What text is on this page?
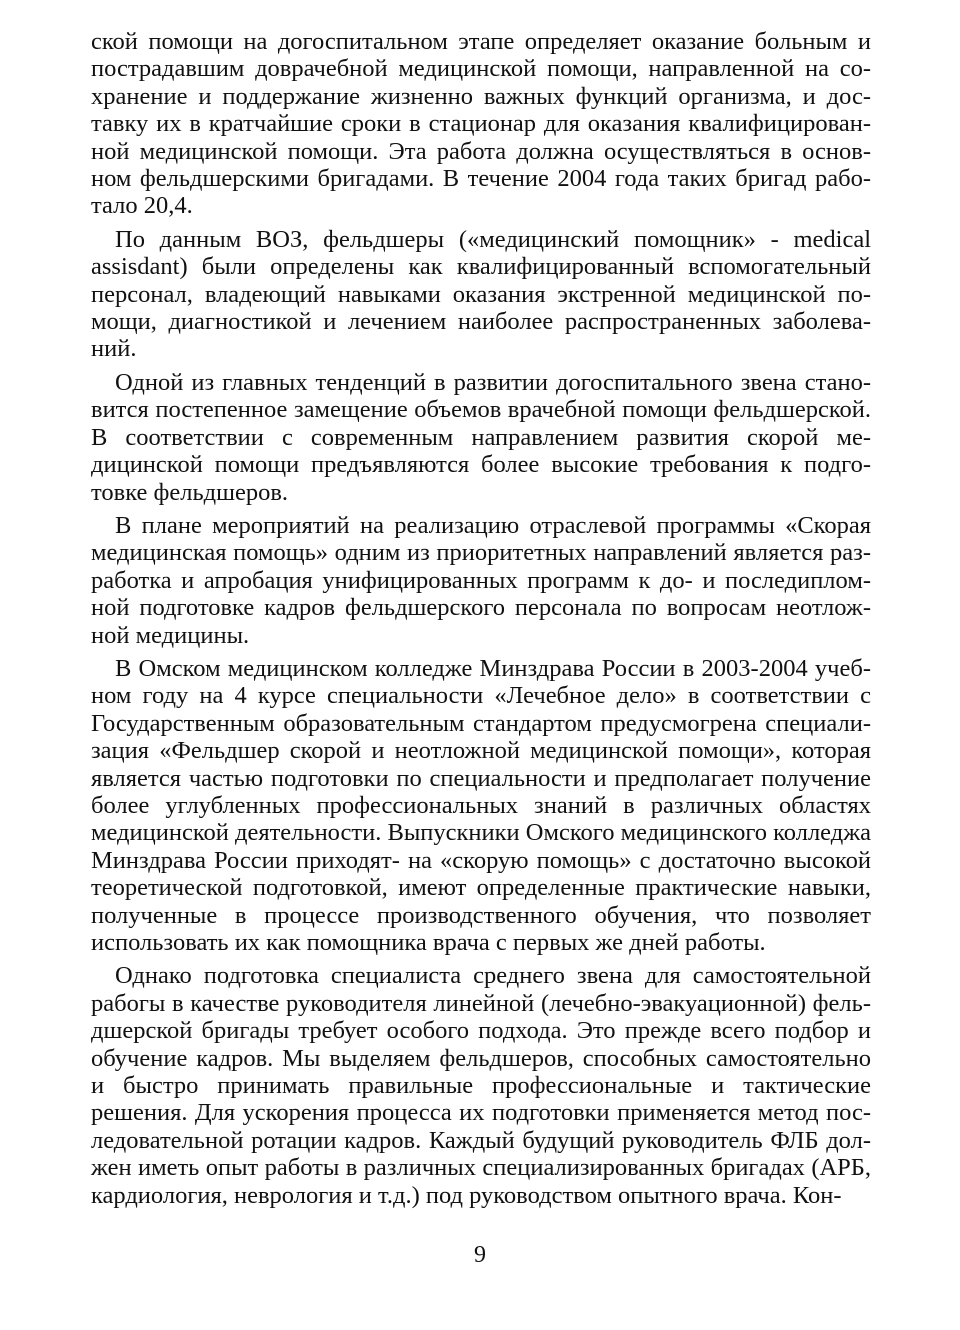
ской помощи на догоспитальном этапе определяет оказание больным и пострадавшим доврачебной медицинской помощи, направленной на сохранение и поддержание жизненно важных функций организма, и доставку их в кратчайшие сроки в стационар для оказания квалифицированной медицинской помощи. Эта работа должна осуществляться в основном фельдшерскими бригадами. В течение 2004 года таких бригад работало 20,4.

По данным ВОЗ, фельдшеры («медицинский помощник» - medical assisdant) были определены как квалифицированный вспомогательный персонал, владеющий навыками оказания экстренной медицинской помощи, диагностикой и лечением наиболее распространенных заболеваний.

Одной из главных тенденций в развитии догоспитального звена становится постепенное замещение объемов врачебной помощи фельдшерской. В соответствии с современным направлением развития скорой медицинской помощи предъявляются более высокие требования к подготовке фельдшеров.

В плане мероприятий на реализацию отраслевой программы «Скорая медицинская помощь» одним из приоритетных направлений является разработка и апробация унифицированных программ к до- и последипломной подготовке кадров фельдшерского персонала по вопросам неотложной медицины.

В Омском медицинском колледже Минздрава России в 2003-2004 учебном году на 4 курсе специальности «Лечебное дело» в соответствии с Государственным образовательным стандартом предусмогрена специализация «Фельдшер скорой и неотложной медицинской помощи», которая является частью подготовки по специальности и предполагает получение более углубленных профессиональных знаний в различных областях медицинской деятельности. Выпускники Омского медицинского колледжа Минздрава России приходят- на «скорую помощь» с достаточно высокой теоретической подготовкой, имеют определенные практические навыки, полученные в процессе производственного обучения, что позволяет использовать их как помощника врача с первых же дней работы.

Однако подготовка специалиста среднего звена для самостоятельной рабогы в качестве руководителя линейной (лечебно-эвакуационной) фельдшерской бригады требует особого подхода. Это прежде всего подбор и обучение кадров. Мы выделяем фельдшеров, способных самостоятельно и быстро принимать правильные профессиональные и тактические решения. Для ускорения процесса их подготовки применяется метод последовательной ротации кадров. Каждый будущий руководитель ФЛБ должен иметь опыт работы в различных специализированных бригадах (АРБ, кардиология, неврология и т.д.) под руководством опытного врача. Кон-

9
